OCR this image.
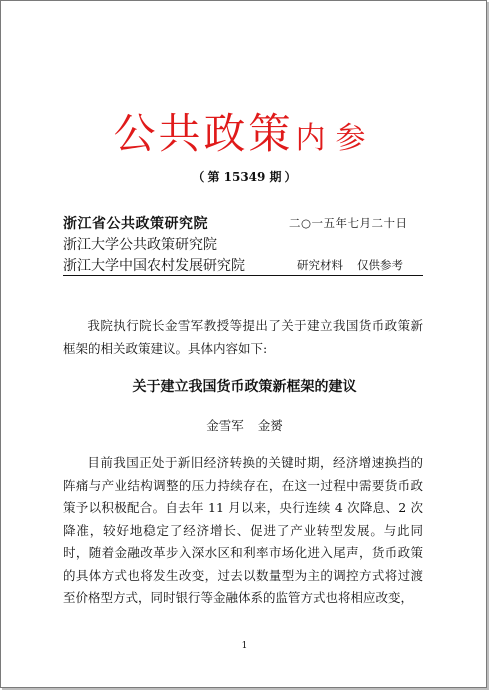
公共政策内参
（ 第 15349 期 ）
浙江省公共政策研究院
浙江大学公共政策研究院
浙江大学中国农村发展研究院
二○一五年七月二十日
研究材料 仅供参考
我院执行院长金雪军教授等提出了关于建立我国货币政策新框架的相关政策建议。具体内容如下:
关于建立我国货币政策新框架的建议
金雪军 金赟
目前我国正处于新旧经济转换的关键时期，经济增速换挡的阵痛与产业结构调整的压力持续存在，在这一过程中需要货币政策予以积极配合。自去年 11 月以来，央行连续 4 次降息、2 次降准，较好地稳定了经济增长、促进了产业转型发展。与此同时，随着金融改革步入深水区和利率市场化进入尾声，货币政策的具体方式也将发生改变，过去以数量型为主的调控方式将过渡至价格型方式，同时银行等金融体系的监管方式也将相应改变，
1
